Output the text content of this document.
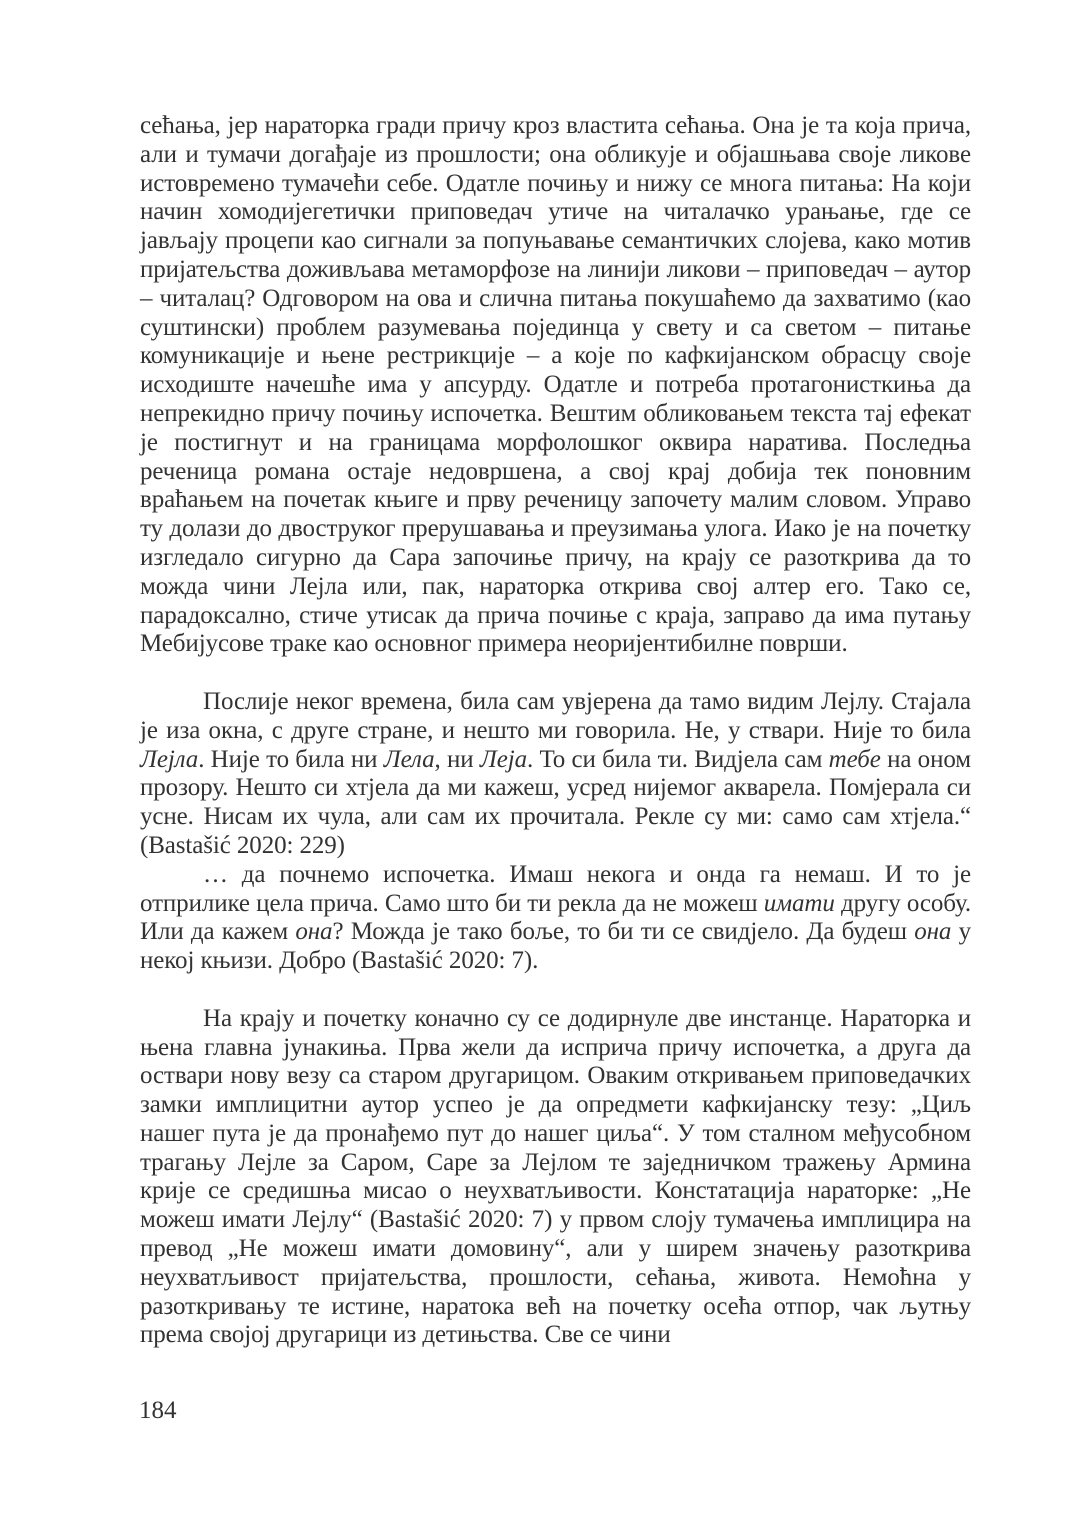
сећања, јер нараторка гради причу кроз властита сећања. Она је та која прича, али и тумачи догађаје из прошлости; она обликује и објашњава своје ликове истовремено тумачећи себе. Одатле почињу и нижу се многа питања: На који начин хомодијегетички приповедач утиче на читалачко урањање, где се јављају процепи као сигнали за попуњавање семантичких слојева, како мотив пријатељства доживљава метаморфозе на линији ликови – приповедач – аутор – читалац? Одговором на ова и слична питања покушаћемо да захватимо (као суштински) проблем разумевања појединца у свету и са светом – питање комуникације и њене рестрикције – а које по кафкијанском обрасцу своје исходиште начешће има у апсурду. Одатле и потреба протагонисткиња да непрекидно причу почињу испочетка. Вештим обликовањем текста тај ефекат је постигнут и на границама морфолошког оквира наратива. Последња реченица романа остаје недовршена, а свој крај добија тек поновним враћањем на почетак књиге и прву реченицу започету малим словом. Управо ту долази до двоструког прерушавања и преузимања улога. Иако је на почетку изгледало сигурно да Сара започиње причу, на крају се разоткрива да то можда чини Лејла или, пак, нараторка открива свој алтер его. Тако се, парадоксално, стиче утисак да прича почиње с краја, заправо да има путању Мебијусове траке као основног примера неоријентибилне површи.

Послије неког времена, била сам увјерена да тамо видим Лејлу. Стајала је иза окна, с друге стране, и нешто ми говорила. Не, у ствари. Није то била Лејла. Није то била ни Лела, ни Леја. То си била ти. Видјела сам тебе на оном прозору. Нешто си хтјела да ми кажеш, усред нијемог акварела. Помјерала си усне. Нисам их чула, али сам их прочитала. Рекле су ми: само сам хтјела.“ (Bastašić 2020: 229)

… да почнемо испочетка. Имаш некога и онда га немаш. И то је отприлике цела прича. Само што би ти рекла да не можеш имати другу особу. Или да кажем она? Можда је тако боље, то би ти се свидјело. Да будеш она у некој књизи. Добро (Bastašić 2020: 7).

На крају и почетку коначно су се додирнуле две инстанце. Нараторка и њена главна јунакиња. Прва жели да исприча причу испочетка, а друга да оствари нову везу са старом другарицом. Оваким откривањем приповедачких замки имплицитни аутор успео је да опредмети кафкијанску тезу: „Циљ нашег пута је да пронађемо пут до нашег циља“. У том сталном међусобном трагању Лејле за Саром, Саре за Лејлом те заједничком тражењу Армина крије се средишња мисао о неухватљивости. Констатација нараторке: „Не можеш имати Лејлу“ (Bastašić 2020: 7) у првом слоју тумачења имплицира на превод „Не можеш имати домовину“, али у ширем значењу разоткрива неухватљивост пријатељства, прошлости, сећања, живота. Немоћна у разоткривању те истине, наратока већ на почетку осећа отпор, чак љутњу према својој другарици из детињства. Све се чини

184
